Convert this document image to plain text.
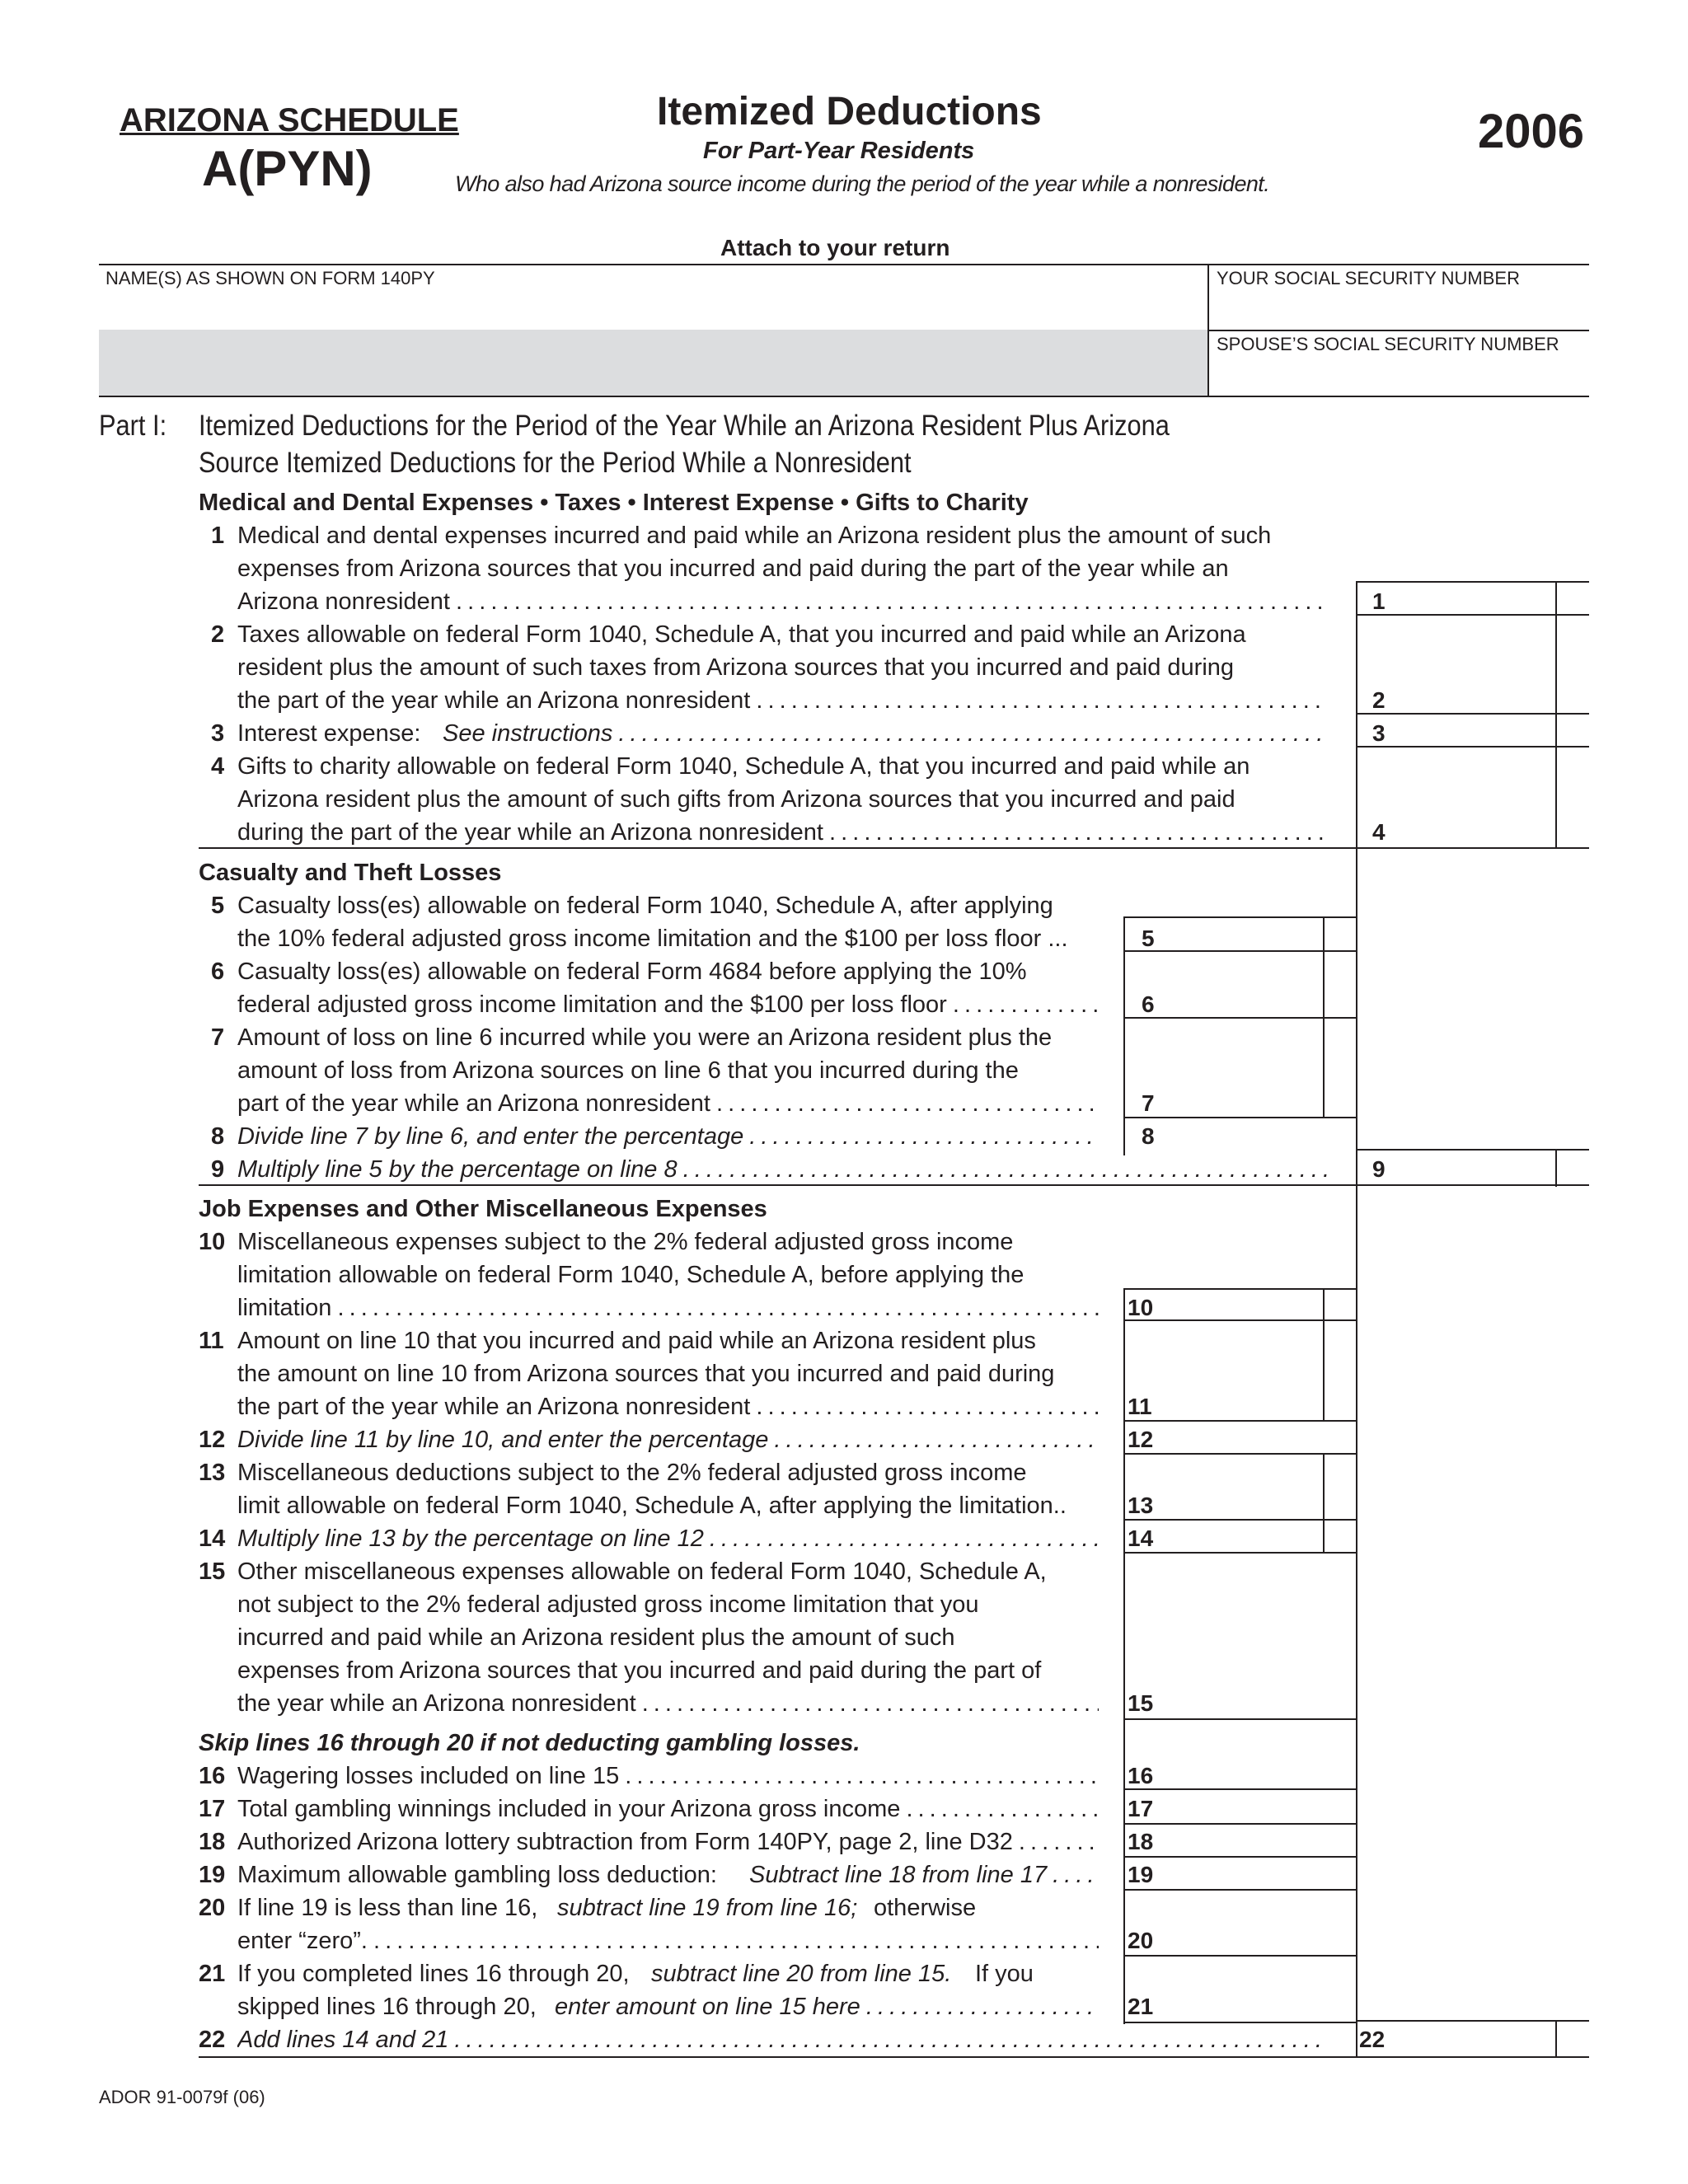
ARIZONA SCHEDULE
A(PYN)
Itemized Deductions
For Part-Year Residents
Who also had Arizona source income during the period of the year while a nonresident.
2006
Attach to your return
NAME(S) AS SHOWN ON FORM 140PY	YOUR SOCIAL SECURITY NUMBER
SPOUSE’S SOCIAL SECURITY NUMBER
Part I: Itemized Deductions for the Period of the Year While an Arizona Resident Plus Arizona
Source Itemized Deductions for the Period While a Nonresident
Medical and Dental Expenses • Taxes • Interest Expense • Gifts to Charity
1 Medical and dental expenses incurred and paid while an Arizona resident plus the amount of such
expenses from Arizona sources that you incurred and paid during the part of the year while an
Arizona nonresident . . .	1
2 Taxes allowable on federal Form 1040, Schedule A, that you incurred and paid while an Arizona
resident plus the amount of such taxes from Arizona sources that you incurred and paid during
the part of the year while an Arizona nonresident . . .	2
3 Interest expense: See instructions . . .	3
4 Gifts to charity allowable on federal Form 1040, Schedule A, that you incurred and paid while an
Arizona resident plus the amount of such gifts from Arizona sources that you incurred and paid
during the part of the year while an Arizona nonresident . . .	4
Casualty and Theft Losses
5 Casualty loss(es) allowable on federal Form 1040, Schedule A, after applying
the 10% federal adjusted gross income limitation and the $100 per loss floor ...	5
6 Casualty loss(es) allowable on federal Form 4684 before applying the 10%
federal adjusted gross income limitation and the $100 per loss floor . . .	6
7 Amount of loss on line 6 incurred while you were an Arizona resident plus the
amount of loss from Arizona sources on line 6 that you incurred during the
part of the year while an Arizona nonresident . . .	7
8 Divide line 7 by line 6, and enter the percentage . . .	8
9 Multiply line 5 by the percentage on line 8 . . .	9
Job Expenses and Other Miscellaneous Expenses
10 Miscellaneous expenses subject to the 2% federal adjusted gross income
limitation allowable on federal Form 1040, Schedule A, before applying the
limitation . . .	10
11 Amount on line 10 that you incurred and paid while an Arizona resident plus
the amount on line 10 from Arizona sources that you incurred and paid during
the part of the year while an Arizona nonresident . . .	11
12 Divide line 11 by line 10, and enter the percentage . . .	12
13 Miscellaneous deductions subject to the 2% federal adjusted gross income
limit allowable on federal Form 1040, Schedule A, after applying the limitation..	13
14 Multiply line 13 by the percentage on line 12 . . .	14
15 Other miscellaneous expenses allowable on federal Form 1040, Schedule A,
not subject to the 2% federal adjusted gross income limitation that you
incurred and paid while an Arizona resident plus the amount of such
expenses from Arizona sources that you incurred and paid during the part of
the year while an Arizona nonresident . . .	15
Skip lines 16 through 20 if not deducting gambling losses.
16 Wagering losses included on line 15 . . .	16
17 Total gambling winnings included in your Arizona gross income . . .	17
18 Authorized Arizona lottery subtraction from Form 140PY, page 2, line D32 . . .	18
19 Maximum allowable gambling loss deduction: Subtract line 18 from line 17 . . .	19
20 If line 19 is less than line 16, subtract line 19 from line 16; otherwise
enter “zero”. . . .	20
21 If you completed lines 16 through 20, subtract line 20 from line 15. If you
skipped lines 16 through 20, enter amount on line 15 here . . .	21
22 Add lines 14 and 21 . . .	22
ADOR 91-0079f (06)
